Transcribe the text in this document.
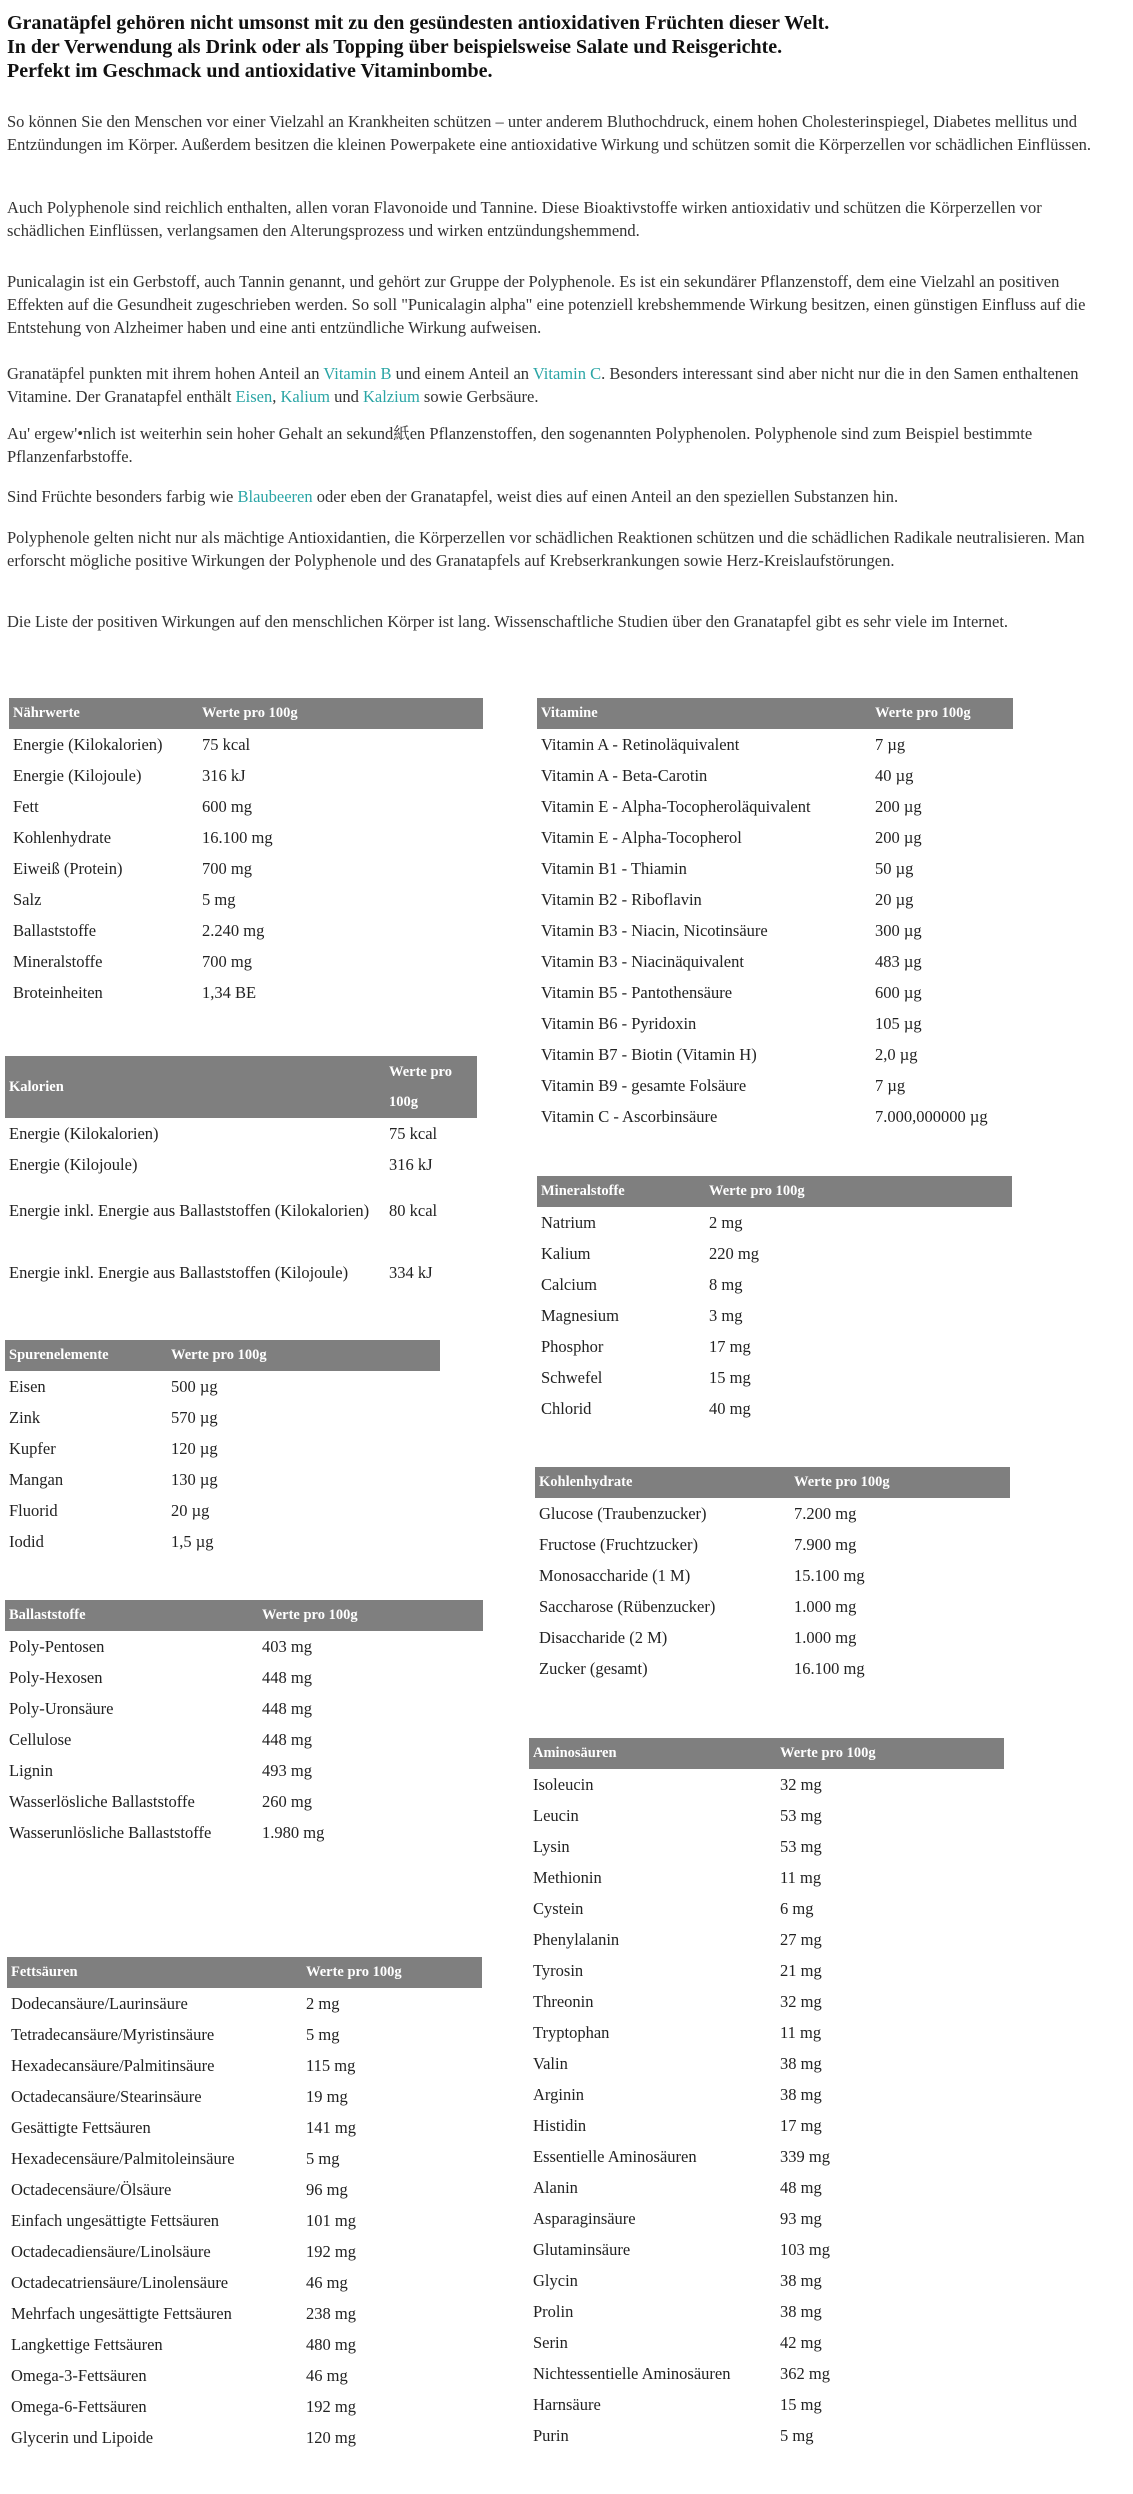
Granatäpfel gehören nicht umsonst mit zu den gesündesten antioxidativen Früchten dieser Welt.
In der Verwendung als Drink oder als Topping über beispielsweise Salate und Reisgerichte.
Perfekt im Geschmack und antioxidative Vitaminbombe.

So können Sie den Menschen vor einer Vielzahl an Krankheiten schützen – unter anderem Bluthochdruck, einem hohen Cholesterinspiegel, Diabetes mellitus und Entzündungen im Körper. Außerdem besitzen die kleinen Powerpakete eine antioxidative Wirkung und schützen somit die Körperzellen vor schädlichen Einflüssen.

Auch Polyphenole sind reichlich enthalten, allen voran Flavonoide und Tannine. Diese Bioaktivstoffe wirken antioxidativ und schützen die Körperzellen vor schädlichen Einflüssen, verlangsamen den Alterungsprozess und wirken entzündungshemmend.

Punicalagin ist ein Gerbstoff, auch Tannin genannt, und gehört zur Gruppe der Polyphenole. Es ist ein sekundärer Pflanzenstoff, dem eine Vielzahl an positiven Effekten auf die Gesundheit zugeschrieben werden. So soll "Punicalagin alpha" eine potenziell krebshemmende Wirkung besitzen, einen günstigen Einfluss auf die Entstehung von Alzheimer haben und eine anti entzündliche Wirkung aufweisen.

Granatäpfel punkten mit ihrem hohen Anteil an Vitamin B und einem Anteil an Vitamin C. Besonders interessant sind aber nicht nur die in den Samen enthaltenen Vitamine. Der Granatapfel enthält Eisen, Kalium und Kalzium sowie Gerbsäure.

Au' ergew'•nlich ist weiterhin sein hoher Gehalt an sekund紙en Pflanzenstoffen, den sogenannten Polyphenolen. Polyphenole sind zum Beispiel bestimmte Pflanzenfarbstoffe.

Sind Früchte besonders farbig wie Blaubeeren oder eben der Granatapfel, weist dies auf einen Anteil an den speziellen Substanzen hin.

Polyphenole gelten nicht nur als mächtige Antioxidantien, die Körperzellen vor schädlichen Reaktionen schützen und die schädlichen Radikale neutralisieren. Man erforscht mögliche positive Wirkungen der Polyphenole und des Granatapfels auf Krebserkrankungen sowie Herz-Kreislaufstörungen.

Die Liste der positiven Wirkungen auf den menschlichen Körper ist lang. Wissenschaftliche Studien über den Granatapfel gibt es sehr viele im Internet.

Nährwerte	Werte pro 100g
Energie (Kilokalorien)	75 kcal
Energie (Kilojoule)	316 kJ
Fett	600 mg
Kohlenhydrate	16.100 mg
Eiweiß (Protein)	700 mg
Salz	5 mg
Ballaststoffe	2.240 mg
Mineralstoffe	700 mg
Broteinheiten	1,34 BE
Kalorien	Werte pro 100g
Energie (Kilokalorien)	75 kcal
Energie (Kilojoule)	316 kJ
Energie inkl. Energie aus Ballaststoffen (Kilokalorien)	80 kcal
Energie inkl. Energie aus Ballaststoffen (Kilojoule)	334 kJ
Spurenelemente	Werte pro 100g
Eisen	500 µg
Zink	570 µg
Kupfer	120 µg
Mangan	130 µg
Fluorid	20 µg
Iodid	1,5 µg
Ballaststoffe	Werte pro 100g
Poly-Pentosen	403 mg
Poly-Hexosen	448 mg
Poly-Uronsäure	448 mg
Cellulose	448 mg
Lignin	493 mg
Wasserlösliche Ballaststoffe	260 mg
Wasserunlösliche Ballaststoffe	1.980 mg
Fettsäuren	Werte pro 100g
Dodecansäure/Laurinsäure	2 mg
Tetradecansäure/Myristinsäure	5 mg
Hexadecansäure/Palmitinsäure	115 mg
Octadecansäure/Stearinsäure	19 mg
Gesättigte Fettsäuren	141 mg
Hexadecensäure/Palmitoleinsäure	5 mg
Octadecensäure/Ölsäure	96 mg
Einfach ungesättigte Fettsäuren	101 mg
Octadecadiensäure/Linolsäure	192 mg
Octadecatriensäure/Linolensäure	46 mg
Mehrfach ungesättigte Fettsäuren	238 mg
Langkettige Fettsäuren	480 mg
Omega-3-Fettsäuren	46 mg
Omega-6-Fettsäuren	192 mg
Glycerin und Lipoide	120 mg
Vitamine	Werte pro 100g
Vitamin A - Retinoläquivalent	7 µg
Vitamin A - Beta-Carotin	40 µg
Vitamin E - Alpha-Tocopheroläquivalent	200 µg
Vitamin E - Alpha-Tocopherol	200 µg
Vitamin B1 - Thiamin	50 µg
Vitamin B2 - Riboflavin	20 µg
Vitamin B3 - Niacin, Nicotinsäure	300 µg
Vitamin B3 - Niacinäquivalent	483 µg
Vitamin B5 - Pantothensäure	600 µg
Vitamin B6 - Pyridoxin	105 µg
Vitamin B7 - Biotin (Vitamin H)	2,0 µg
Vitamin B9 - gesamte Folsäure	7 µg
Vitamin C - Ascorbinsäure	7.000,000000 µg
Mineralstoffe	Werte pro 100g
Natrium	2 mg
Kalium	220 mg
Calcium	8 mg
Magnesium	3 mg
Phosphor	17 mg
Schwefel	15 mg
Chlorid	40 mg
Kohlenhydrate	Werte pro 100g
Glucose (Traubenzucker)	7.200 mg
Fructose (Fruchtzucker)	7.900 mg
Monosaccharide (1 M)	15.100 mg
Saccharose (Rübenzucker)	1.000 mg
Disaccharide (2 M)	1.000 mg
Zucker (gesamt)	16.100 mg
Aminosäuren	Werte pro 100g
Isoleucin	32 mg
Leucin	53 mg
Lysin	53 mg
Methionin	11 mg
Cystein	6 mg
Phenylalanin	27 mg
Tyrosin	21 mg
Threonin	32 mg
Tryptophan	11 mg
Valin	38 mg
Arginin	38 mg
Histidin	17 mg
Essentielle Aminosäuren	339 mg
Alanin	48 mg
Asparaginsäure	93 mg
Glutaminsäure	103 mg
Glycin	38 mg
Prolin	38 mg
Serin	42 mg
Nichtessentielle Aminosäuren	362 mg
Harnsäure	15 mg
Purin	5 mg
